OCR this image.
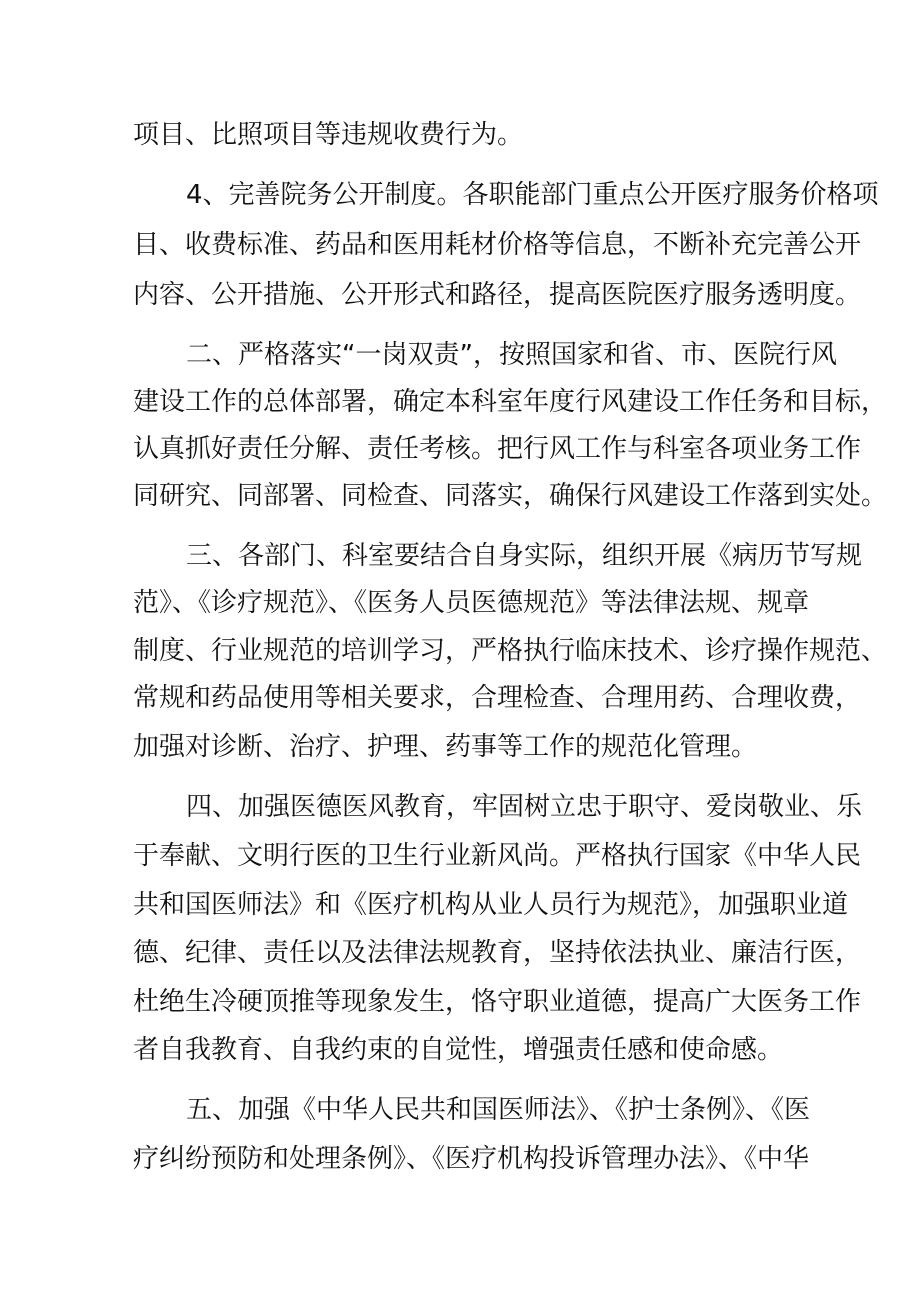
项目、比照项目等违规收费行为。
4、完善院务公开制度。各职能部门重点公开医疗服务价格项
目、收费标准、药品和医用耗材价格等信息，不断补充完善公开
内容、公开措施、公开形式和路径，提高医院医疗服务透明度。
二、严格落实“一岗双责”，按照国家和省、市、医院行风
建设工作的总体部署，确定本科室年度行风建设工作任务和目标，
认真抓好责任分解、责任考核。把行风工作与科室各项业务工作
同研究、同部署、同检查、同落实，确保行风建设工作落到实处。
三、各部门、科室要结合自身实际，组织开展《病历节写规
范》、《诊疗规范》、《医务人员医德规范》等法律法规、规章
制度、行业规范的培训学习，严格执行临床技术、诊疗操作规范、
常规和药品使用等相关要求，合理检查、合理用药、合理收费，
加强对诊断、治疗、护理、药事等工作的规范化管理。
四、加强医德医风教育，牢固树立忠于职守、爱岗敬业、乐
于奉献、文明行医的卫生行业新风尚。严格执行国家《中华人民
共和国医师法》和《医疗机构从业人员行为规范》，加强职业道
德、纪律、责任以及法律法规教育，坚持依法执业、廉洁行医，
杜绝生冷硬顶推等现象发生，恪守职业道德，提高广大医务工作
者自我教育、自我约束的自觉性，增强责任感和使命感。
五、加强《中华人民共和国医师法》、《护士条例》、《医
疗纠纷预防和处理条例》、《医疗机构投诉管理办法》、《中华
